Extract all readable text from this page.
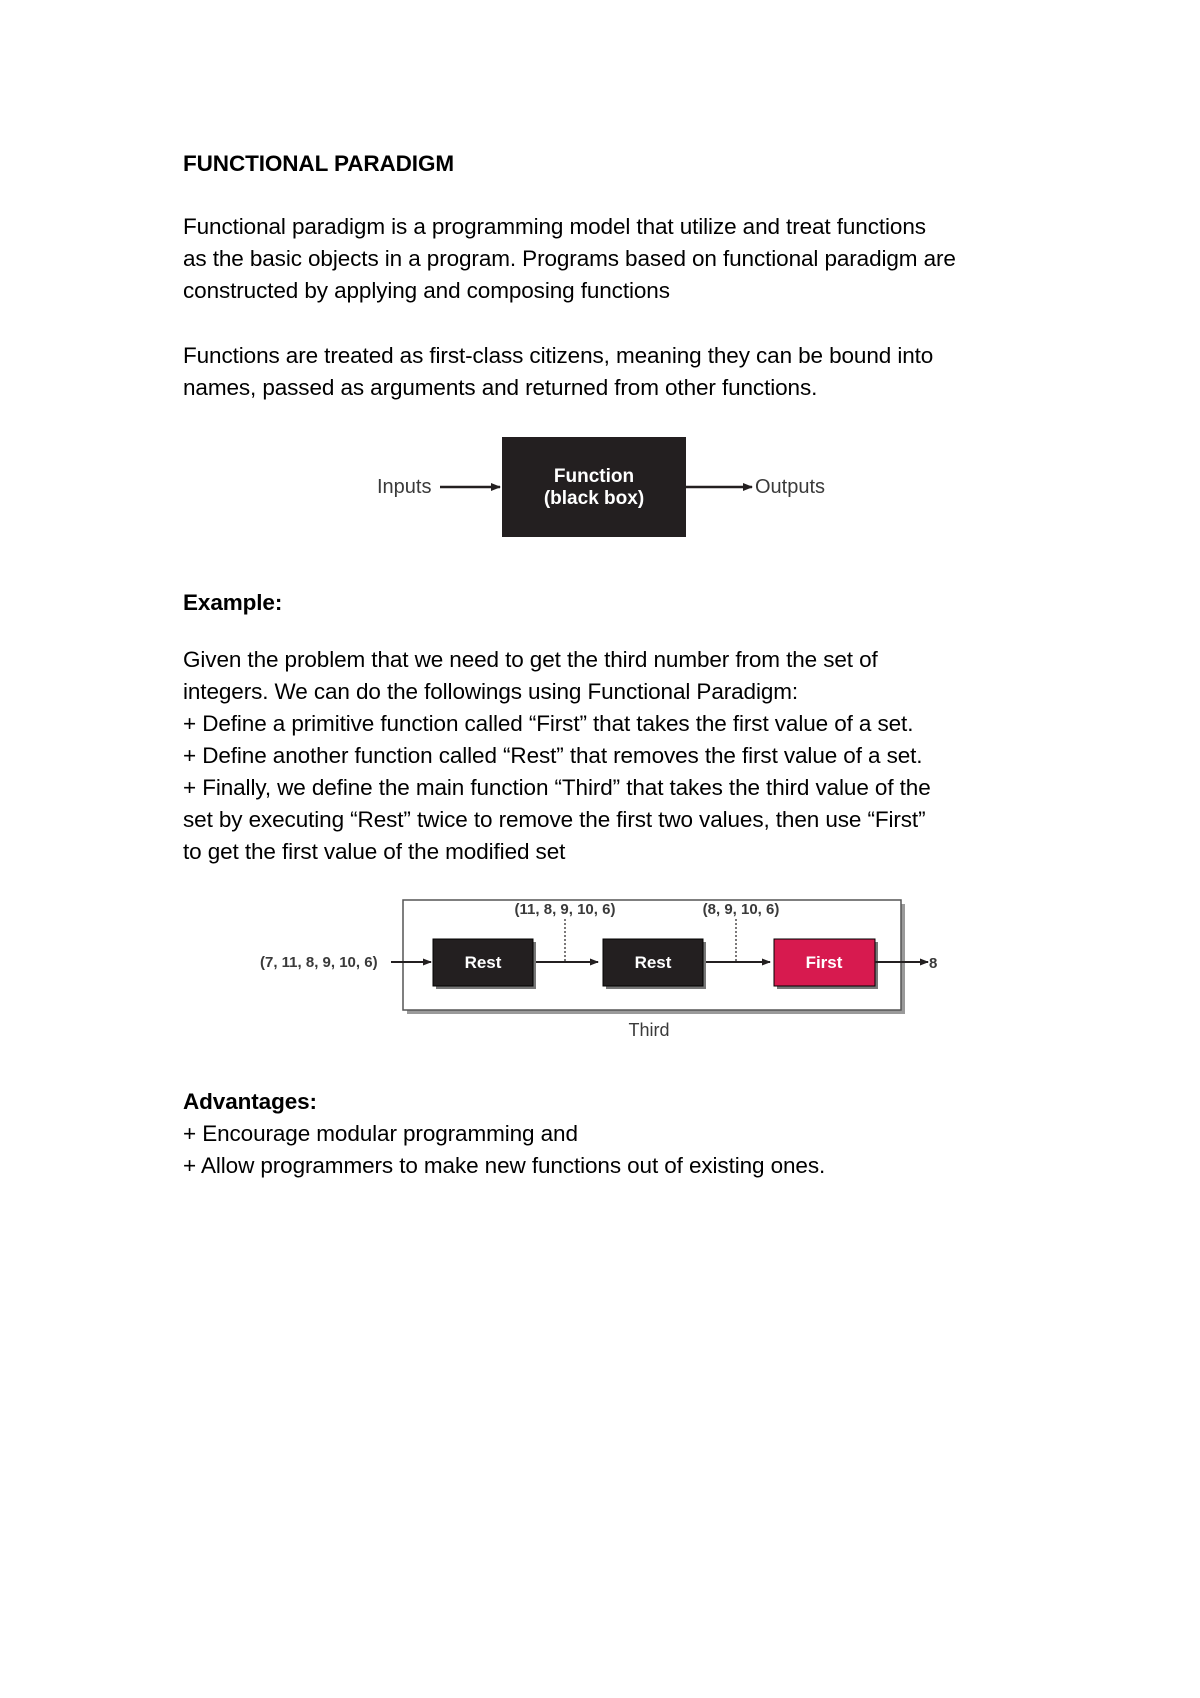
FUNCTIONAL PARADIGM
Functional paradigm is a programming model that utilize and treat functions
as the basic objects in a program. Programs based on functional paradigm are
constructed by applying and composing functions
Functions are treated as first-class citizens, meaning they can be bound into
names, passed as arguments and returned from other functions.
Inputs	Function
(black box)
Outputs
Example:
Given the problem that we need to get the third number from the set of
integers. We can do the followings using Functional Paradigm:
+ Define a primitive function called “First” that takes the first value of a set.
+ Define another function called “Rest” that removes the first value of a set.
+ Finally, we define the main function “Third” that takes the third value of the
set by executing “Rest” twice to remove the first two values, then use “First”
to get the first value of the modified set
(7, 11, 8, 9, 10, 6)	Rest
(11, 8, 9, 10, 6)
Rest
(8, 9, 10, 6)
First	8
Third
Advantages:
+ Encourage modular programming and
+ Allow programmers to make new functions out of existing ones.
